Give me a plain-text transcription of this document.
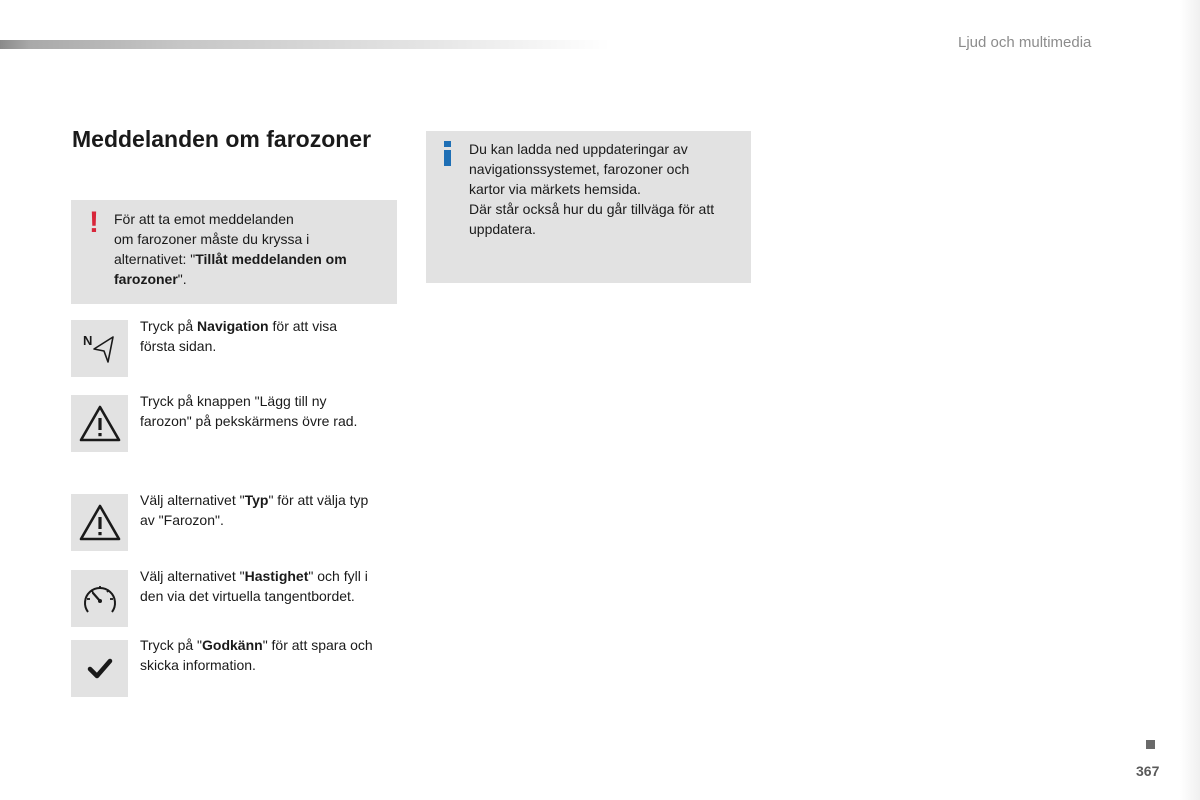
Ljud och multimedia
Meddelanden om farozoner
! För att ta emot meddelanden
om farozoner måste du kryssa i
alternativet: "Tillåt meddelanden om
farozoner".
Du kan ladda ned uppdateringar av
navigationssystemet, farozoner och
kartor via märkets hemsida.
Där står också hur du går tillväga för att
uppdatera.
N
Tryck på Navigation för att visa
första sidan.
Tryck på knappen "Lägg till ny
farozon" på pekskärmens övre rad.
Välj alternativet "Typ" för att välja typ
av "Farozon".
Välj alternativet "Hastighet" och fyll i
den via det virtuella tangentbordet.
Tryck på "Godkänn" för att spara och
skicka information.
367
